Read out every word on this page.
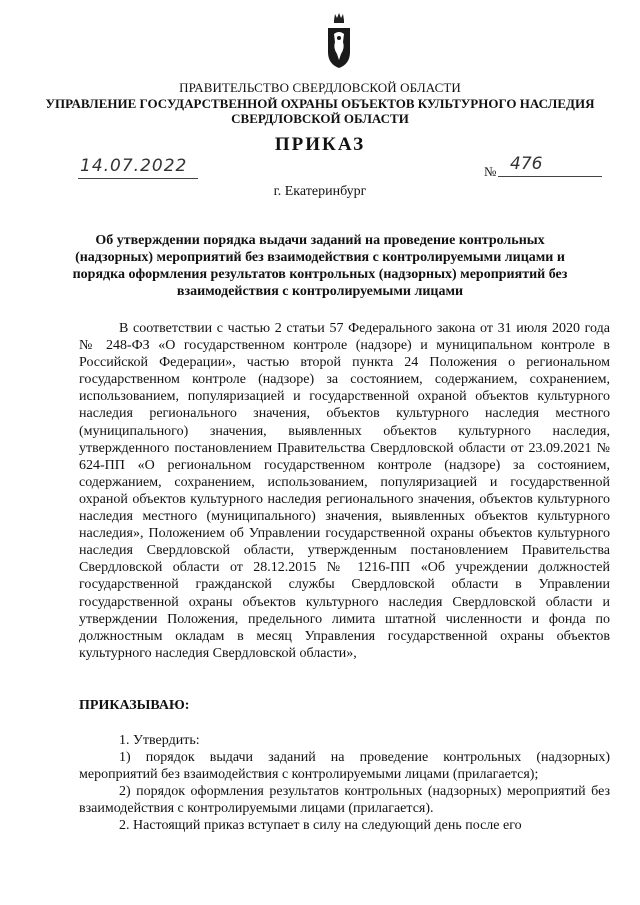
ПРАВИТЕЛЬСТВО СВЕРДЛОВСКОЙ ОБЛАСТИ
УПРАВЛЕНИЕ ГОСУДАРСТВЕННОЙ ОХРАНЫ ОБЪЕКТОВ КУЛЬТУРНОГО НАСЛЕДИЯ
СВЕРДЛОВСКОЙ ОБЛАСТИ
ПРИКАЗ
14.07.2022	№ 476
г. Екатеринбург
Об утверждении порядка выдачи заданий на проведение контрольных (надзорных) мероприятий без взаимодействия с контролируемыми лицами и порядка оформления результатов контрольных (надзорных) мероприятий без взаимодействия с контролируемыми лицами

В соответствии с частью 2 статьи 57 Федерального закона от 31 июля 2020 года № 248-ФЗ «О государственном контроле (надзоре) и муниципальном контроле в Российской Федерации», частью второй пункта 24 Положения о региональном государственном контроле (надзоре) за состоянием, содержанием, сохранением, использованием, популяризацией и государственной охраной объектов культурного наследия регионального значения, объектов культурного наследия местного (муниципального) значения, выявленных объектов культурного наследия, утвержденного постановлением Правительства Свердловской области от 23.09.2021 № 624-ПП «О региональном государственном контроле (надзоре) за состоянием, содержанием, сохранением, использованием, популяризацией и государственной охраной объектов культурного наследия регионального значения, объектов культурного наследия местного (муниципального) значения, выявленных объектов культурного наследия», Положением об Управлении государственной охраны объектов культурного наследия Свердловской области, утвержденным постановлением Правительства Свердловской области от 28.12.2015 № 1216-ПП «Об учреждении должностей государственной гражданской службы Свердловской области в Управлении государственной охраны объектов культурного наследия Свердловской области и утверждении Положения, предельного лимита штатной численности и фонда по должностным окладам в месяц Управления государственной охраны объектов культурного наследия Свердловской области»,

ПРИКАЗЫВАЮ:

1. Утвердить:

1) порядок выдачи заданий на проведение контрольных (надзорных) мероприятий без взаимодействия с контролируемыми лицами (прилагается);

2) порядок оформления результатов контрольных (надзорных) мероприятий без взаимодействия с контролируемыми лицами (прилагается).

2. Настоящий приказ вступает в силу на следующий день после его
